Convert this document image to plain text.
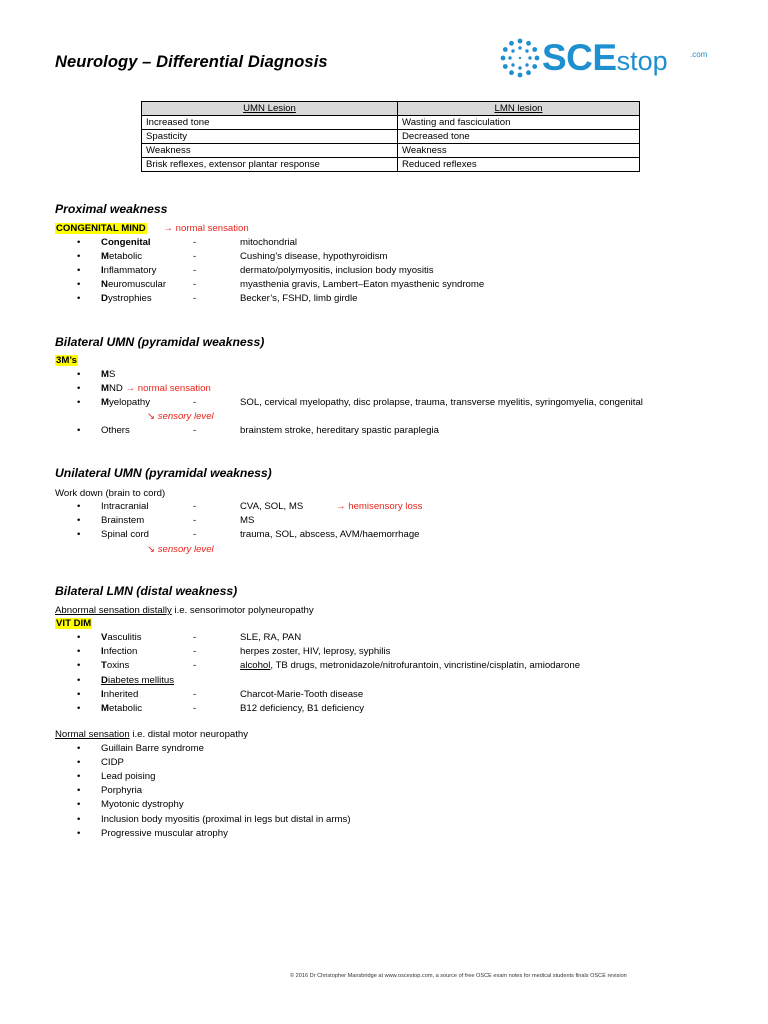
Neurology – Differential Diagnosis	SCEstop	.com
UMN Lesion	LMN lesion
Increased tone	Wasting and fasciculation
Spasticity	Decreased tone
Weakness	Weakness
Brisk reflexes, extensor plantar response	Reduced reflexes
Proximal weakness
CONGENITAL MIND → normal sensation
• Congenital	-	mitochondrial
• Metabolic	-	Cushing’s disease, hypothyroidism
• Inflammatory	-	dermato/polymyositis, inclusion body myositis
• Neuromuscular	-	myasthenia gravis, Lambert–Eaton myasthenic syndrome
• Dystrophies	-	Becker’s, FSHD, limb girdle
Bilateral UMN (pyramidal weakness)
3M’s
• MS
• MND → normal sensation
• Myelopathy	-	SOL, cervical myelopathy, disc prolapse, trauma, transverse myelitis, syringomyelia, congenital
↘ sensory level
• Others	-	brainstem stroke, hereditary spastic paraplegia
Unilateral UMN (pyramidal weakness)
Work down (brain to cord)
• Intracranial	-	CVA, SOL, MS	→ hemisensory loss
• Brainstem	-	MS
• Spinal cord	-	trauma, SOL, abscess, AVM/haemorrhage
↘ sensory level
Bilateral LMN (distal weakness)
Abnormal sensation distally i.e. sensorimotor polyneuropathy
VIT DIM
• Vasculitis	-	SLE, RA, PAN
• Infection	-	herpes zoster, HIV, leprosy, syphilis
• Toxins	-	alcohol, TB drugs, metronidazole/nitrofurantoin, vincristine/cisplatin, amiodarone
• Diabetes mellitus
• Inherited	-	Charcot-Marie-Tooth disease
• Metabolic	-	B12 deficiency, B1 deficiency
Normal sensation i.e. distal motor neuropathy
• Guillain Barre syndrome
• CIDP
• Lead poising
• Porphyria
• Myotonic dystrophy
• Inclusion body myositis (proximal in legs but distal in arms)
• Progressive muscular atrophy
© 2016 Dr Christopher Mansbridge at www.oscestop.com, a source of free OSCE exam notes for medical students finals OSCE revision
